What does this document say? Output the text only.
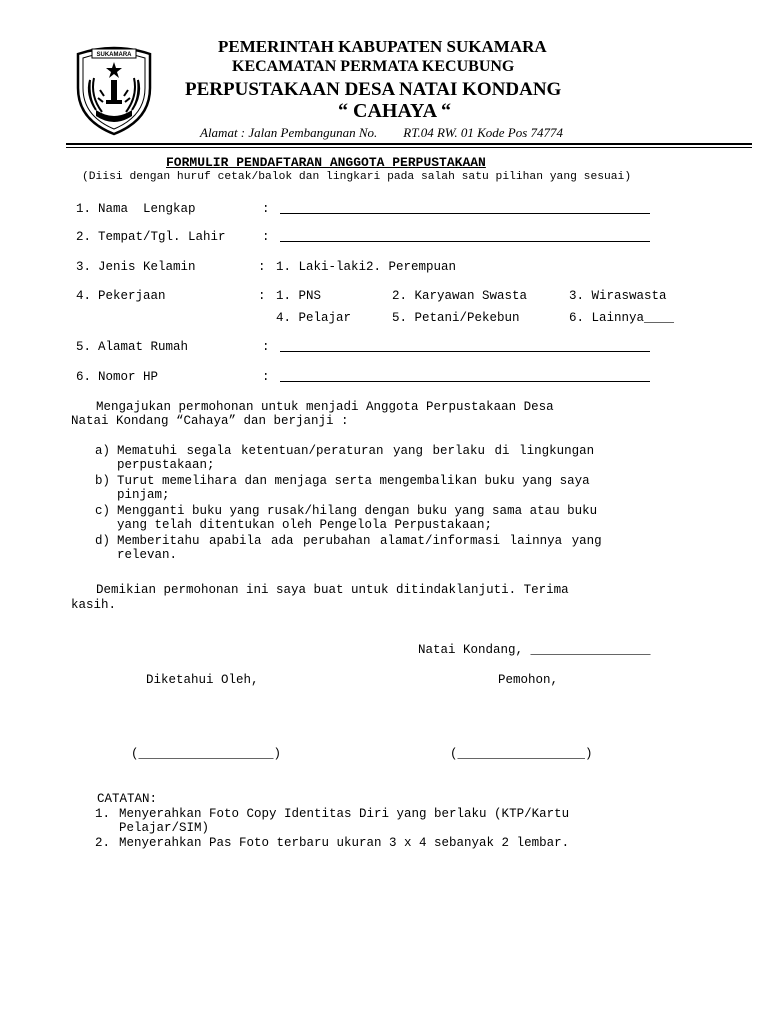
SUKAMARA	PEMERINTAH KABUPATEN SUKAMARA
KECAMATAN PERMATA KECUBUNG
PERPUSTAKAAN DESA NATAI KONDANG
“ CAHAYA “
Alamat : Jalan Pembangunan No.        RT.04 RW. 01 Kode Pos 74774
FORMULIR PENDAFTARAN ANGGOTA PERPUSTAKAAN
(Diisi dengan huruf cetak/balok dan lingkari pada salah satu pilihan yang sesuai)
1. Nama  Lengkap	:
2. Tempat/Tgl. Lahir	:
3. Jenis Kelamin	: 1. Laki-laki2. Perempuan
4. Pekerjaan	: 1. PNS	2. Karyawan Swasta	3. Wiraswasta
4. Pelajar	5. Petani/Pekebun	6. Lainnya____
5. Alamat Rumah	:
6. Nomor HP	:
Mengajukan permohonan untuk menjadi Anggota Perpustakaan Desa
Natai Kondang “Cahaya” dan berjanji :
a) Mematuhi segala ketentuan/peraturan yang berlaku di lingkungan
perpustakaan;
b) Turut memelihara dan menjaga serta mengembalikan buku yang saya
pinjam;
c) Mengganti buku yang rusak/hilang dengan buku yang sama atau buku
yang telah ditentukan oleh Pengelola Perpustakaan;
d) Memberitahu apabila ada perubahan alamat/informasi lainnya yang
relevan.
Demikian permohonan ini saya buat untuk ditindaklanjuti. Terima
kasih.
Natai Kondang, ________________
Diketahui Oleh,	Pemohon,
(__________________)	(_________________)
CATATAN:
1. Menyerahkan Foto Copy Identitas Diri yang berlaku (KTP/Kartu
Pelajar/SIM)
2. Menyerahkan Pas Foto terbaru ukuran 3 x 4 sebanyak 2 lembar.
